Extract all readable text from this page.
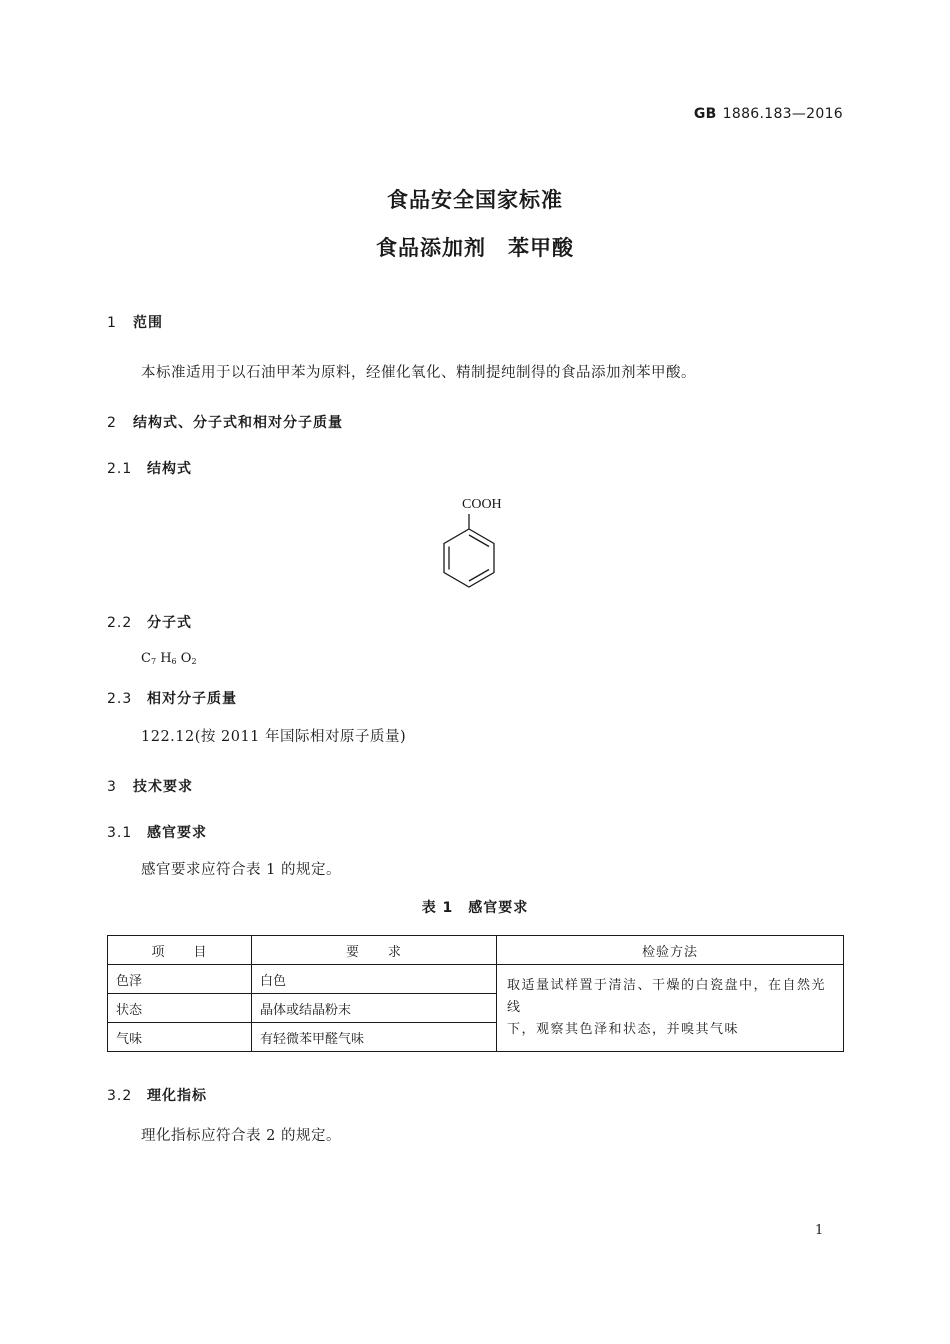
GB 1886.183—2016
食品安全国家标准
食品添加剂　苯甲酸
1 范围
本标准适用于以石油甲苯为原料，经催化氧化、精制提纯制得的食品添加剂苯甲酸。
2 结构式、分子式和相对分子质量
2.1 结构式
COOH
2.2 分子式
$C_7$ $H_6$ $O_2$
2.3 相对分子质量
122.12(按 2011 年国际相对原子质量)
3 技术要求
3.1 感官要求
感官要求应符合表 1 的规定。
表 1　感官要求
项　　目	要　　求	检验方法
色泽	白色	取适量试样置于清洁、干燥的白瓷盘中，在自然光线
下，观察其色泽和状态，并嗅其气味

状态	晶体或结晶粉末	
气味	有轻微苯甲醛气味	
3.2 理化指标
理化指标应符合表 2 的规定。
1
